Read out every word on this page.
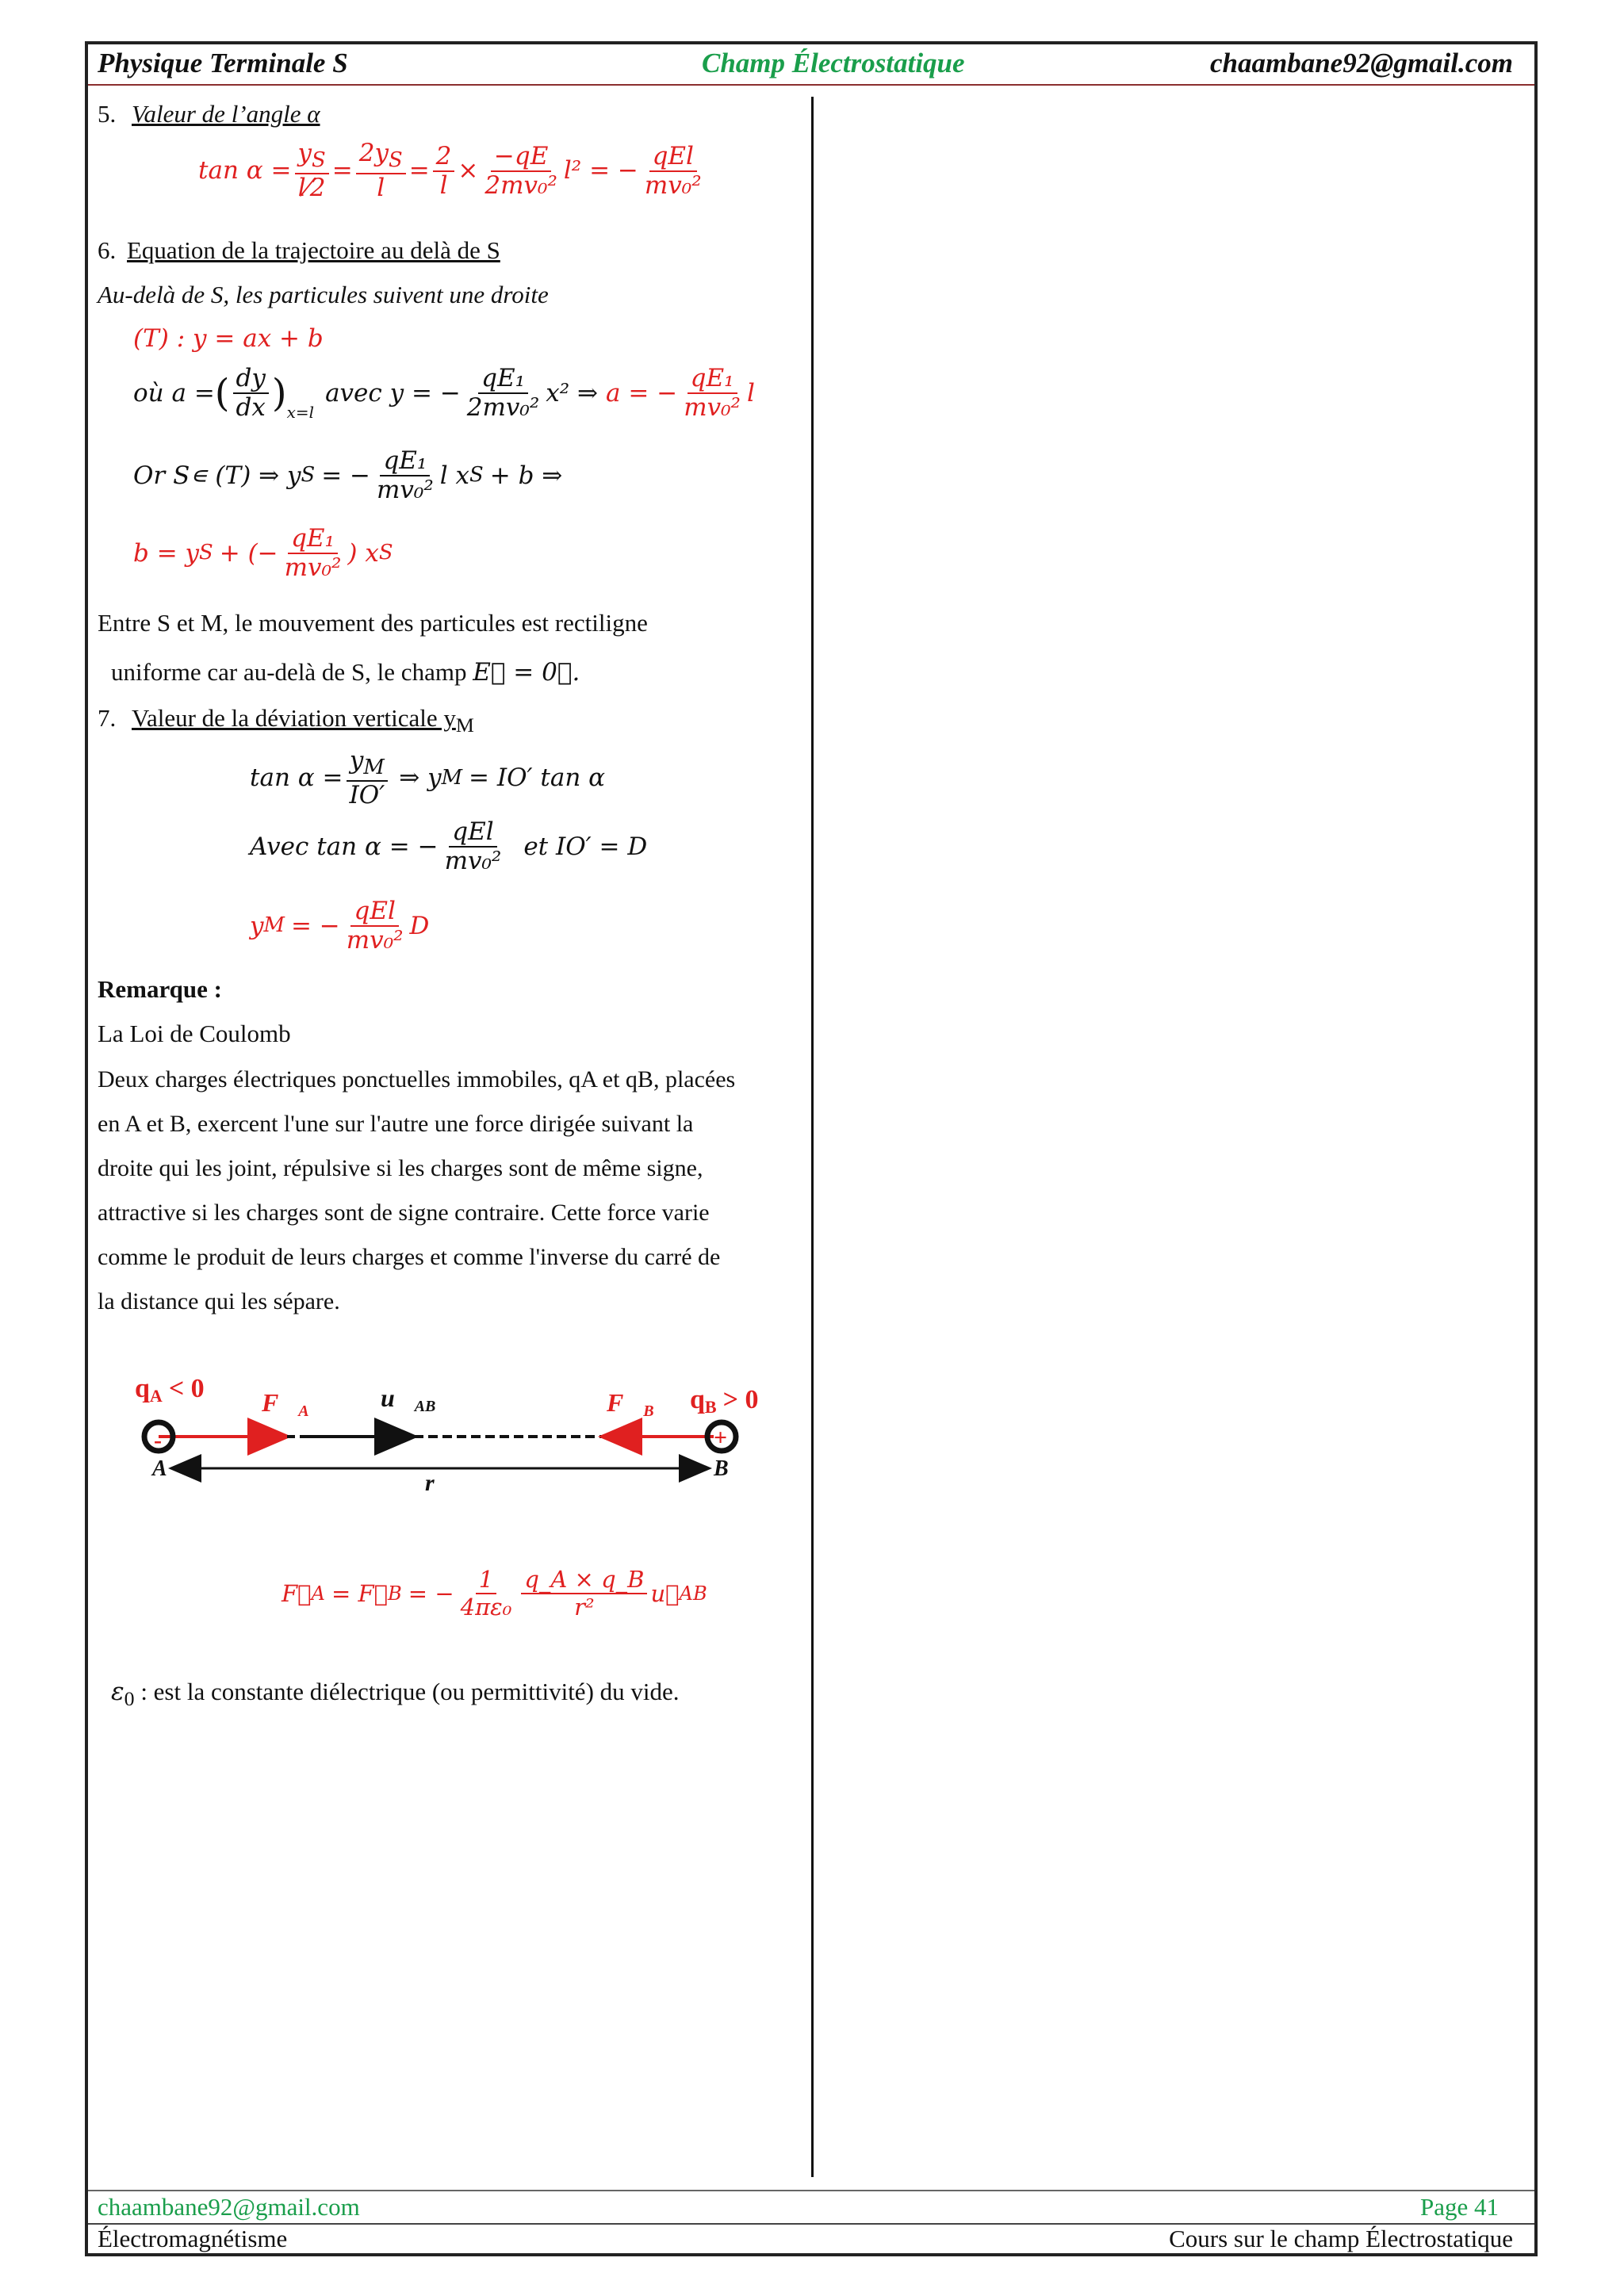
Physique Terminale S	Champ Électrostatique	chaambane92@gmail.com
5. Valeur de l’angle α
$\tan \alpha = \frac{y_S}{l⁄2} = \frac{2y_S}{l} = \frac{2}{l} \times \frac{-qE}{\text{2mv₀²}} l^2$ = − $\frac{\text{qEl}}{\text{mv₀²}}$
6. Equation de la trajectoire au delà de S
Au-delà de S, les particules suivent une droite
(T) : y = ax + b
où a = ( $\frac{dy}{dx} )_{x=l}$
avec y = − $\frac{\text{qE₁}}{\text{2mv₀²}} x^2$ ⇒ a = − $\frac{\text{qE₁}}{\text{mv₀²}}$ l
Or S∊ (T) ⇒ y S = − $\frac{\text{qE₁}}{\text{mv₀²}}$ l x S + b ⇒
b = y S + (− $\frac{\text{qE₁}}{\text{mv₀²}}$ ) x S
Entre S et M, le mouvement des particules est rectiligne
uniforme car au-delà de S, le champ E⃗ = 0⃗.
7. Valeur de la déviation verticale $y_M$
$\tan \alpha = \frac{y_M}{IO'}$ ⇒ y M = IO′ tan α
Avec tan α = − $\frac{\text{qEl}}{\text{mv₀²}}$ et IO′ = D
y M = − $\frac{\text{qEl}}{\text{mv₀²}}$ D
Remarque :
La Loi de Coulomb
Deux charges électriques ponctuelles immobiles, qA et qB, placées
en A et B, exercent l'une sur l'autre une force dirigée suivant la
droite qui les joint, répulsive si les charges sont de même signe,
attractive si les charges sont de signe contraire. Cette force varie
comme le produit de leurs charges et comme l'inverse du carré de
la distance qui les sépare.
qA < 0	qB > 0
F⃗A	u⃗AB	F⃗B
-	+
A	B
r
F⃗ A = F⃗ B = − $\frac{1}{\text{4πε₀}} \frac{q\_A \times q\_B}{\text{r²}}$ u⃗ AB
$\varepsilon_0$ : est la constante diélectrique (ou permittivité) du vide.
chaambane92@gmail.com	Page 41
Électromagnétisme	Cours sur le champ Électrostatique
